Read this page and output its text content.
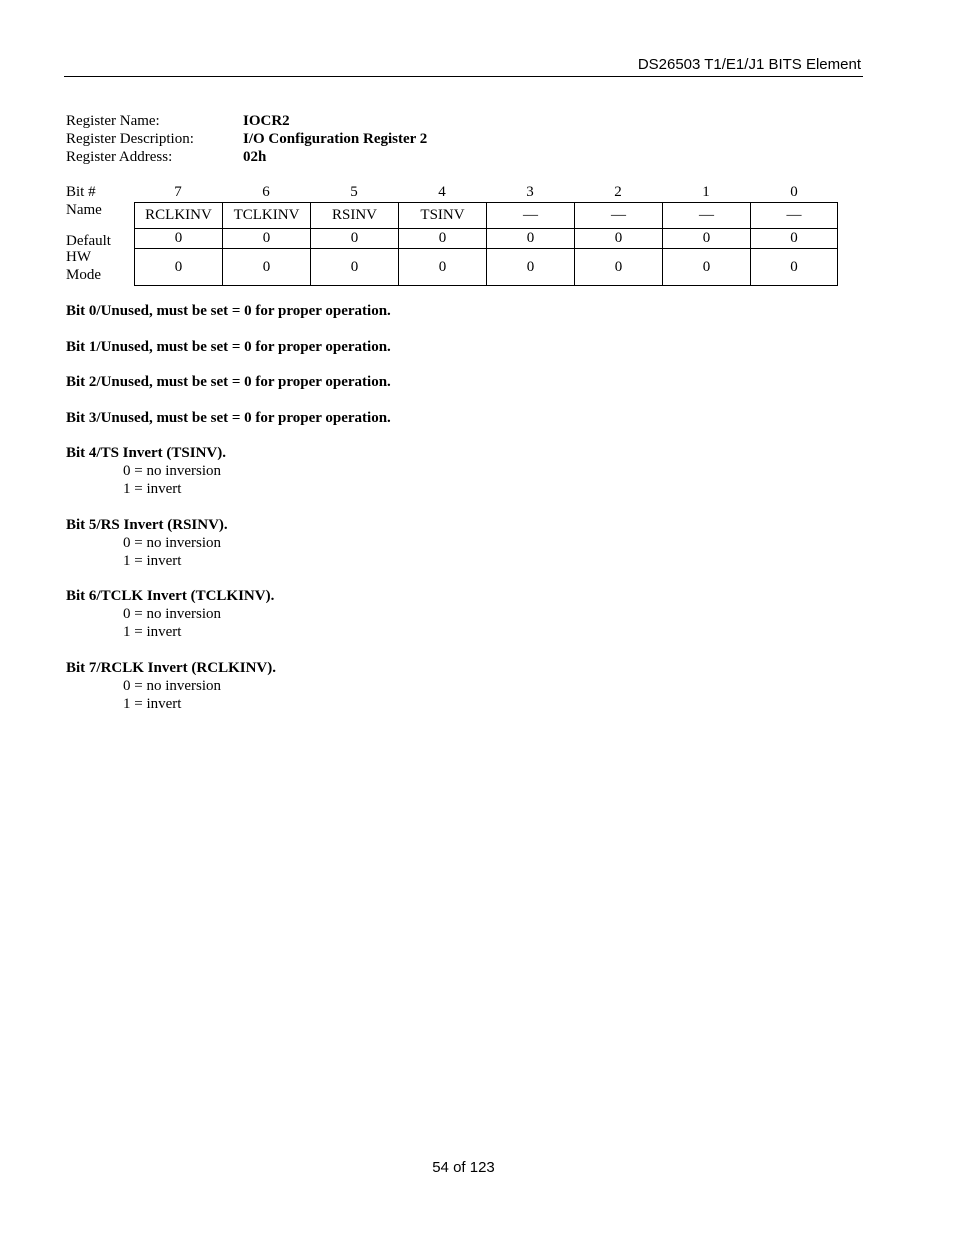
DS26503 T1/E1/J1 BITS Element
Register Name:	IOCR2
Register Description:	I/O Configuration Register 2
Register Address:	02h
Bit #	7	6	5	4	3	2	1	0
Name	RCLKINV	TCLKINV	RSINV	TSINV	—	—	—	—
Default	0	0	0	0	0	0	0	0
HW
Mode	0	0	0	0	0	0	0	0
Bit 0/Unused, must be set = 0 for proper operation.
Bit 1/Unused, must be set = 0 for proper operation.
Bit 2/Unused, must be set = 0 for proper operation.
Bit 3/Unused, must be set = 0 for proper operation.
Bit 4/TS Invert (TSINV).
0 = no inversion
1 = invert
Bit 5/RS Invert (RSINV).
0 = no inversion
1 = invert
Bit 6/TCLK Invert (TCLKINV).
0 = no inversion
1 = invert
Bit 7/RCLK Invert (RCLKINV).
0 = no inversion
1 = invert
54 of 123
